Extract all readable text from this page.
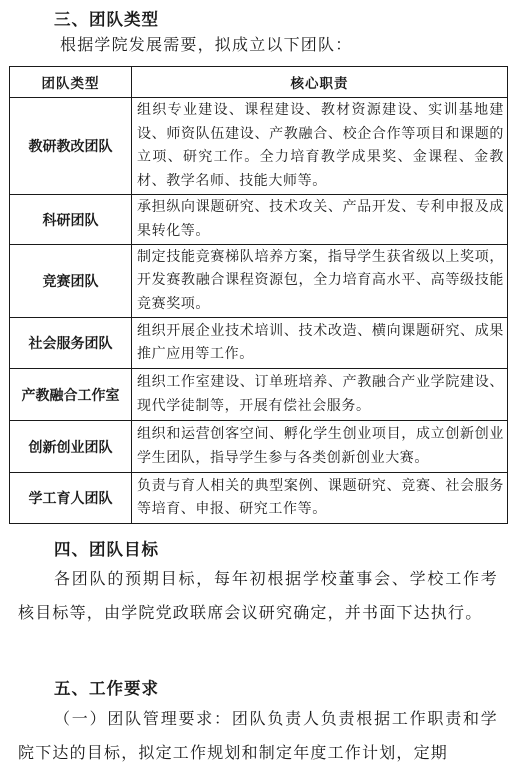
三、团队类型

根据学院发展需要，拟成立以下团队：

团队类型	核心职责
教研教改团队	组织专业建设、课程建设、教材资源建设、实训基地建设、师资队伍建设、产教融合、校企合作等项目和课题的立项、研究工作。全力培育教学成果奖、金课程、金教材、教学名师、技能大师等。
科研团队	承担纵向课题研究、技术攻关、产品开发、专利申报及成果转化等。
竞赛团队	制定技能竞赛梯队培养方案，指导学生获省级以上奖项，开发赛教融合课程资源包，全力培育高水平、高等级技能竞赛奖项。
社会服务团队	组织开展企业技术培训、技术改造、横向课题研究、成果推广应用等工作。
产教融合工作室	组织工作室建设、订单班培养、产教融合产业学院建设、现代学徒制等，开展有偿社会服务。
创新创业团队	组织和运营创客空间、孵化学生创业项目，成立创新创业学生团队，指导学生参与各类创新创业大赛。
学工育人团队	负责与育人相关的典型案例、课题研究、竞赛、社会服务等培育、申报、研究工作等。
四、团队目标

各团队的预期目标，每年初根据学校董事会、学校工作考核目标等，由学院党政联席会议研究确定，并书面下达执行。

五、工作要求

（一）团队管理要求：团队负责人负责根据工作职责和学院下达的目标，拟定工作规划和制定年度工作计划，定期
